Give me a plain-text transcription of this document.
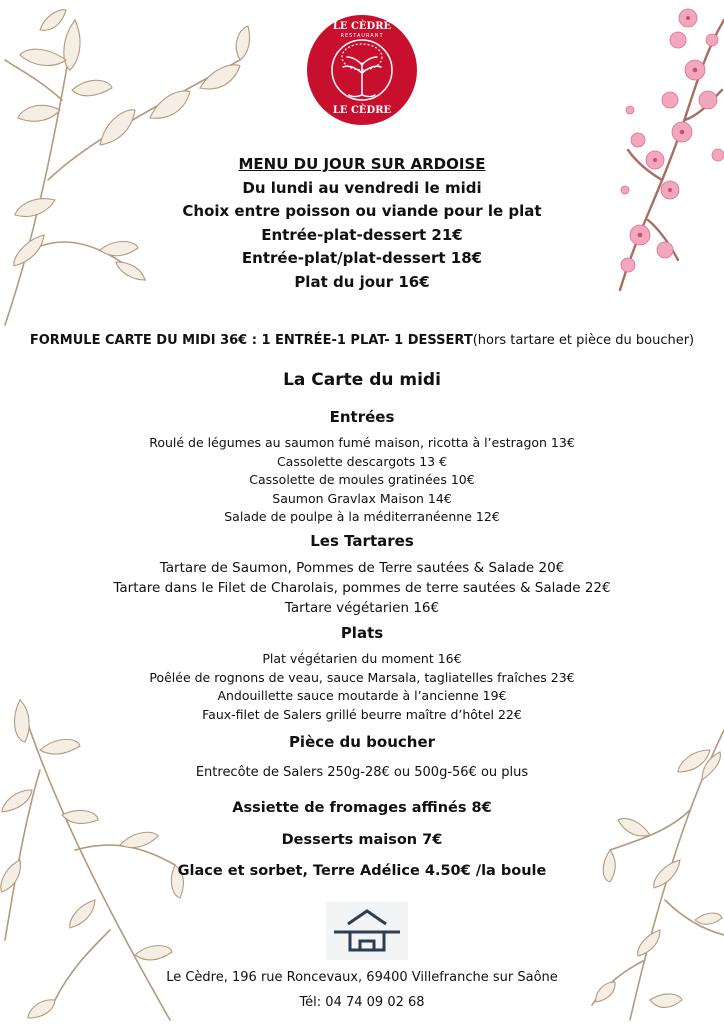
LE CÈDRE
RESTAURANT
LE CÈDRE
MENU DU JOUR SUR ARDOISE
Du lundi au vendredi le midi
Choix entre poisson ou viande pour le plat
Entrée-plat-dessert 21€
Entrée-plat/plat-dessert 18€
Plat du jour 16€
FORMULE CARTE DU MIDI 36€ : 1 ENTRÉE-1 PLAT- 1 DESSERT(hors tartare et pièce du boucher)
La Carte du midi
Entrées
Roulé de légumes au saumon fumé maison, ricotta à l’estragon 13€
Cassolette descargots 13 €
Cassolette de moules gratinées 10€
Saumon Gravlax Maison 14€
Salade de poulpe à la méditerranéenne 12€
Les Tartares
Tartare de Saumon, Pommes de Terre sautées & Salade 20€
Tartare dans le Filet de Charolais, pommes de terre sautées & Salade 22€
Tartare végétarien 16€
Plats
Plat végétarien du moment 16€
Poêlée de rognons de veau, sauce Marsala, tagliatelles fraîches 23€
Andouillette sauce moutarde à l’ancienne 19€
Faux-filet de Salers grillé beurre maître d’hôtel 22€
Pièce du boucher
Entrecôte de Salers 250g-28€ ou 500g-56€ ou plus
Assiette de fromages affinés 8€
Desserts maison 7€
Glace et sorbet, Terre Adélice 4.50€ /la boule
Le Cèdre, 196 rue Roncevaux, 69400 Villefranche sur Saône
Tél: 04 74 09 02 68
